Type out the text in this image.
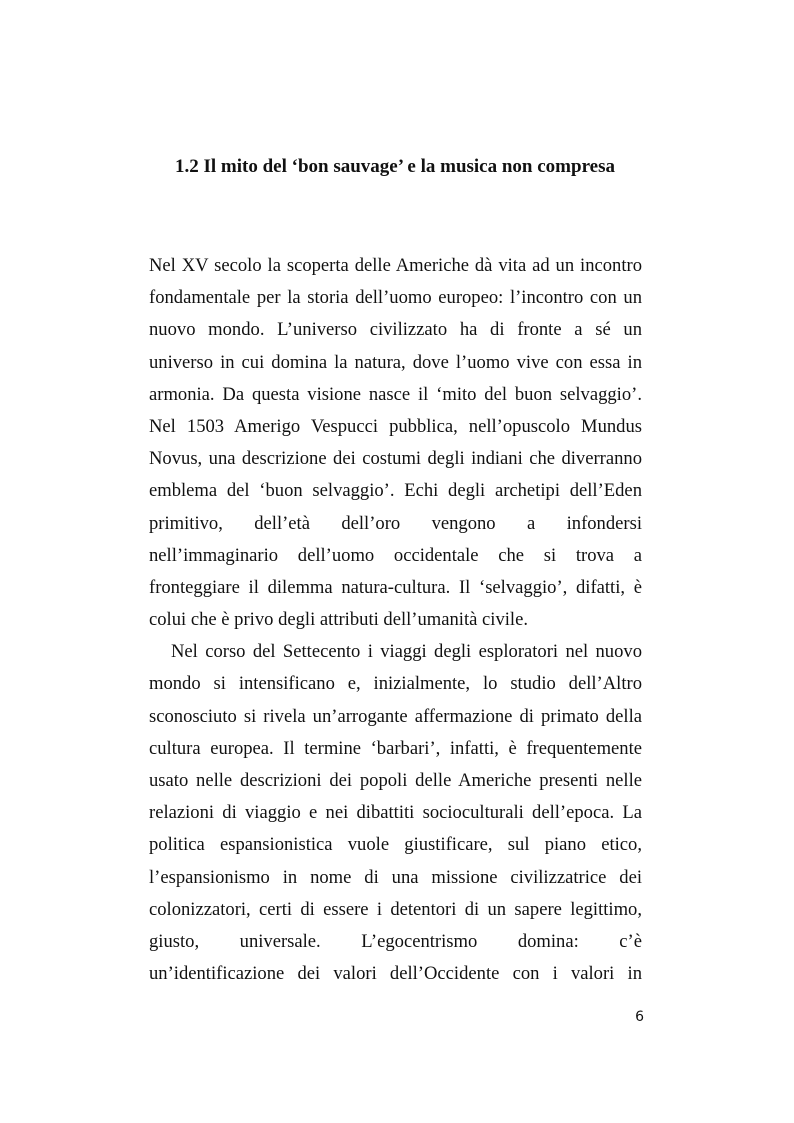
1.2 Il mito del ‘bon sauvage’ e la musica non compresa
Nel XV secolo la scoperta delle Americhe dà vita ad un incontro
fondamentale per la storia dell’uomo europeo: l’incontro con un
nuovo mondo. L’universo civilizzato ha di fronte a sé un
universo in cui domina la natura, dove l’uomo vive con essa in
armonia. Da questa visione nasce il ‘mito del buon selvaggio’.
Nel 1503 Amerigo Vespucci pubblica, nell’opuscolo Mundus
Novus, una descrizione dei costumi degli indiani che diverranno
emblema del ‘buon selvaggio’. Echi degli archetipi dell’Eden
primitivo, dell’età dell’oro vengono a infondersi
nell’immaginario dell’uomo occidentale che si trova a
fronteggiare il dilemma natura-cultura. Il ‘selvaggio’, difatti, è
colui che è privo degli attributi dell’umanità civile.
Nel corso del Settecento i viaggi degli esploratori nel nuovo
mondo si intensificano e, inizialmente, lo studio dell’Altro
sconosciuto si rivela un’arrogante affermazione di primato della
cultura europea. Il termine ‘barbari’, infatti, è frequentemente
usato nelle descrizioni dei popoli delle Americhe presenti nelle
relazioni di viaggio e nei dibattiti socioculturali dell’epoca. La
politica espansionistica vuole giustificare, sul piano etico,
l’espansionismo in nome di una missione civilizzatrice dei
colonizzatori, certi di essere i detentori di un sapere legittimo,
giusto, universale. L’egocentrismo domina: c’è
un’identificazione dei valori dell’Occidente con i valori in
6
